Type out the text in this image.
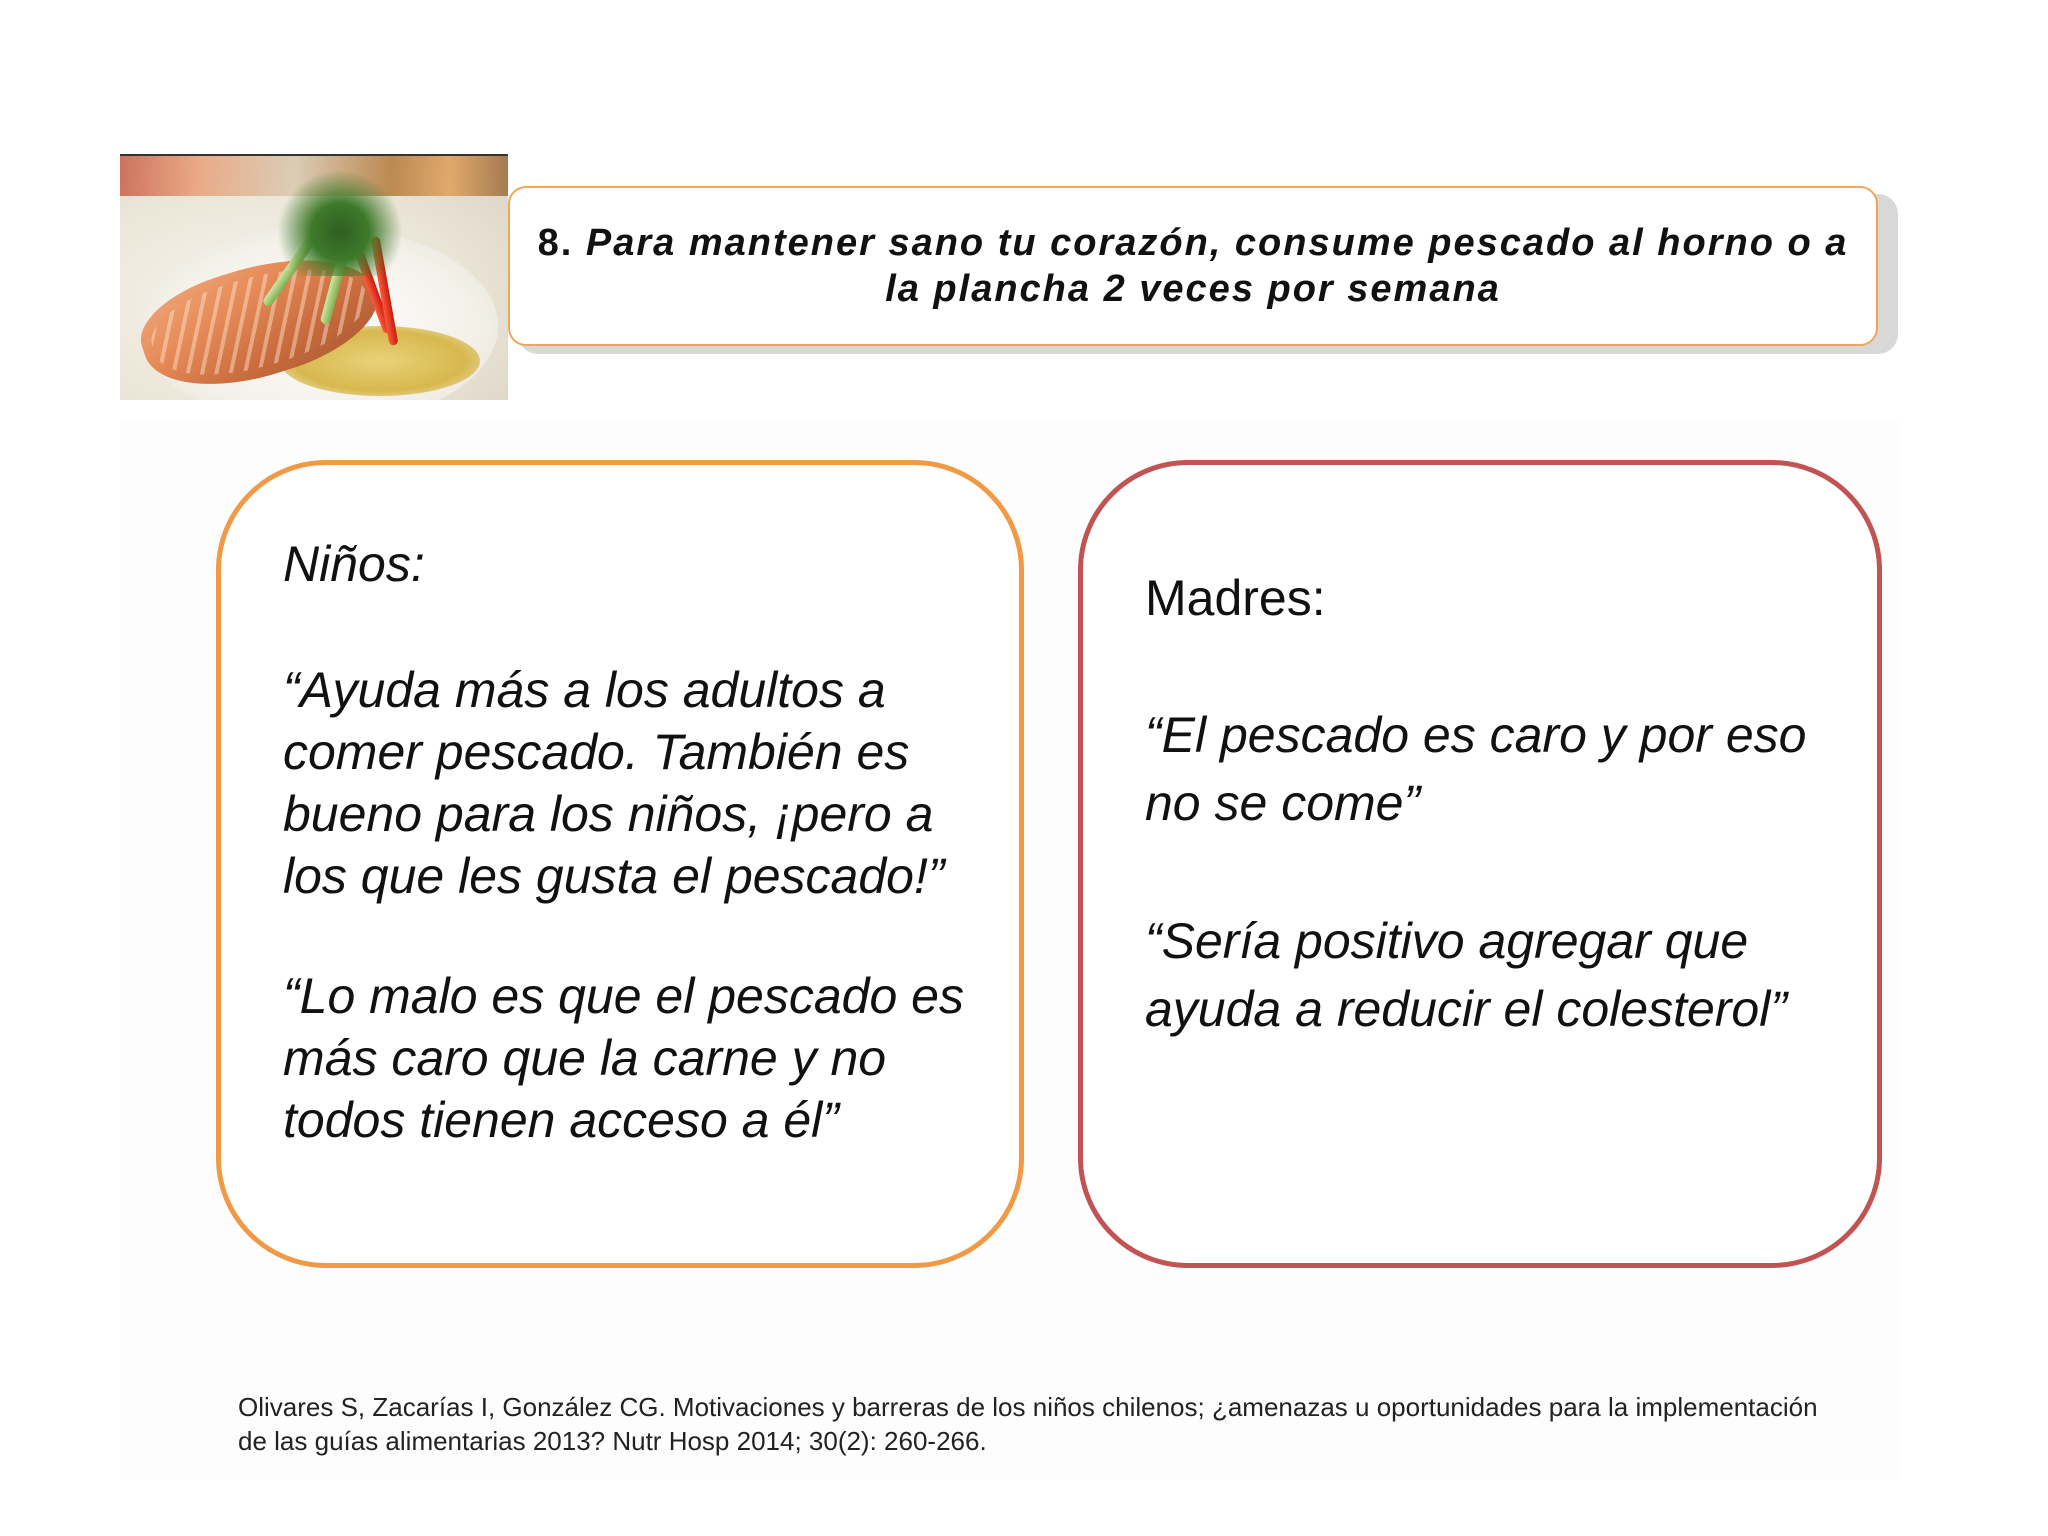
8. Para mantener sano tu corazón, consume pescado al horno o a la plancha 2 veces por semana
Niños:
“Ayuda más a los adultos a comer pescado. También es bueno para los niños, ¡pero a los que les gusta el pescado!”
“Lo malo es que el pescado es más caro que la carne y no todos tienen acceso a él”
Madres:
“El pescado es caro y por eso no se come”
“Sería positivo agregar que ayuda a reducir el colesterol”
Olivares S, Zacarías I, González CG. Motivaciones y barreras de los niños chilenos; ¿amenazas u oportunidades para la implementación de las guías alimentarias 2013? Nutr Hosp 2014; 30(2): 260-266.
